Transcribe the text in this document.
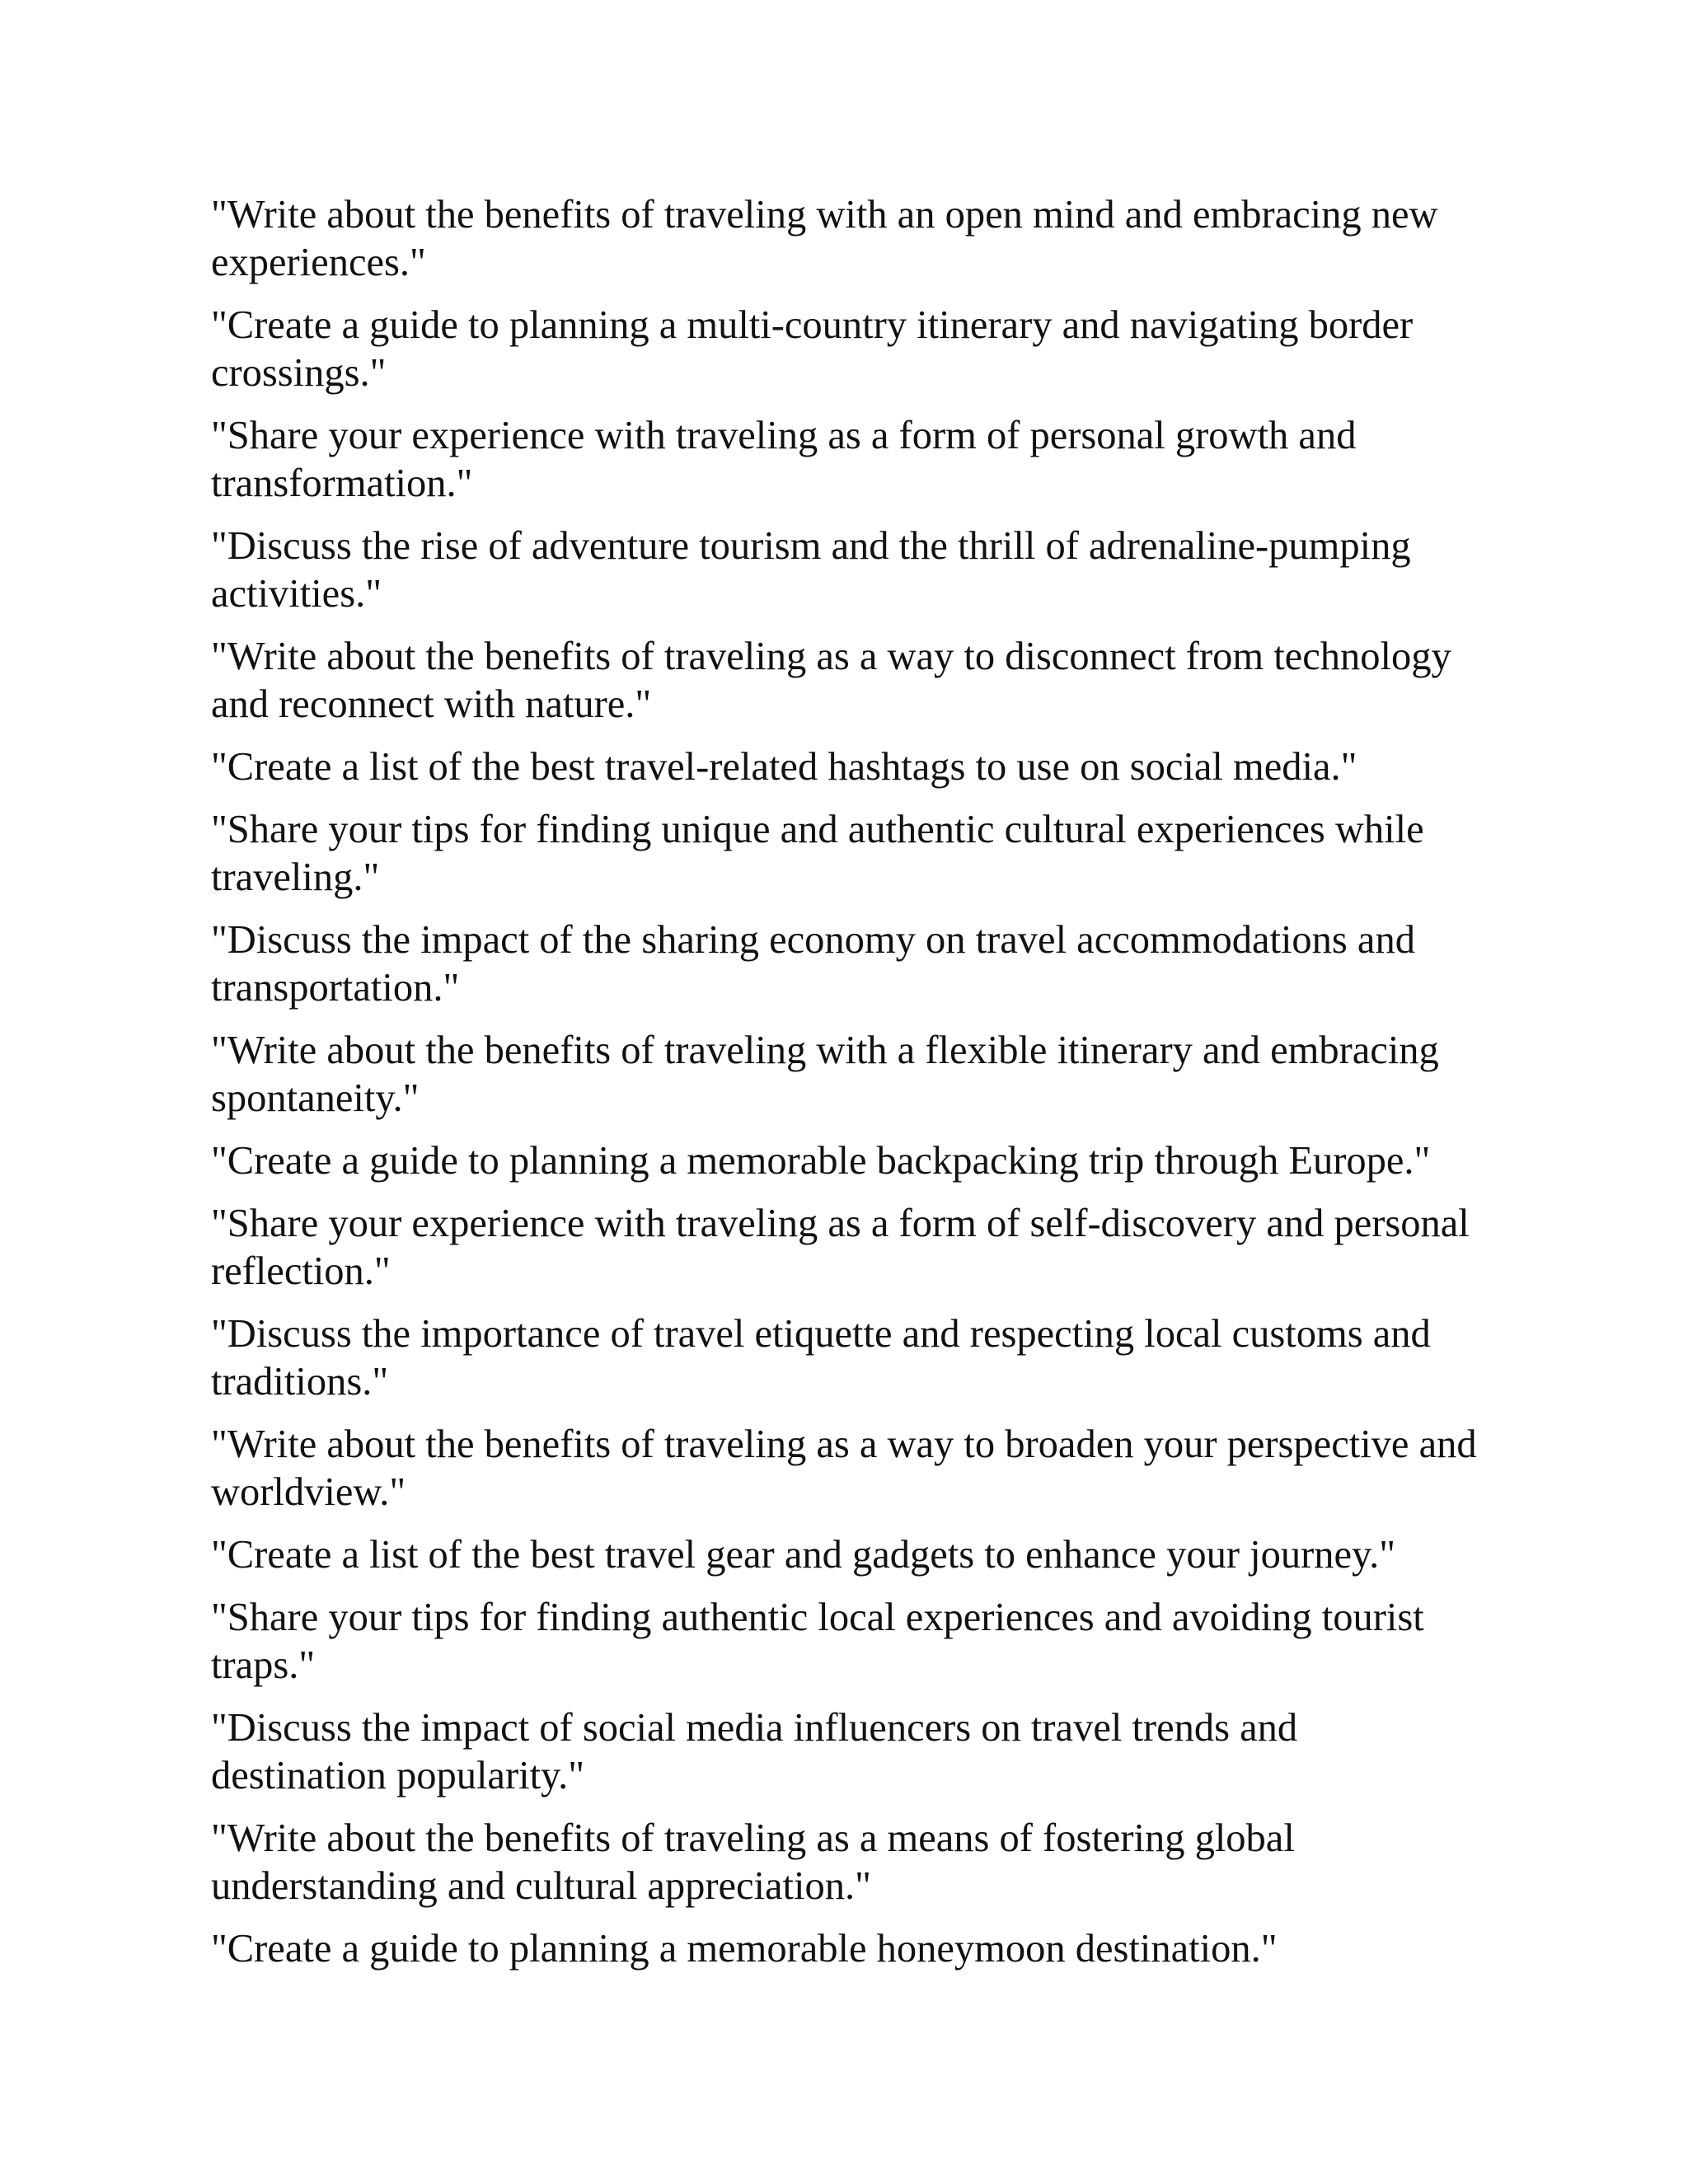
"Write about the benefits of traveling with an open mind and embracing new experiences."
"Create a guide to planning a multi-country itinerary and navigating border crossings."
"Share your experience with traveling as a form of personal growth and transformation."
"Discuss the rise of adventure tourism and the thrill of adrenaline-pumping activities."
"Write about the benefits of traveling as a way to disconnect from technology and reconnect with nature."
"Create a list of the best travel-related hashtags to use on social media."
"Share your tips for finding unique and authentic cultural experiences while traveling."
"Discuss the impact of the sharing economy on travel accommodations and transportation."
"Write about the benefits of traveling with a flexible itinerary and embracing spontaneity."
"Create a guide to planning a memorable backpacking trip through Europe."
"Share your experience with traveling as a form of self-discovery and personal reflection."
"Discuss the importance of travel etiquette and respecting local customs and traditions."
"Write about the benefits of traveling as a way to broaden your perspective and worldview."
"Create a list of the best travel gear and gadgets to enhance your journey."
"Share your tips for finding authentic local experiences and avoiding tourist traps."
"Discuss the impact of social media influencers on travel trends and destination popularity."
"Write about the benefits of traveling as a means of fostering global understanding and cultural appreciation."
"Create a guide to planning a memorable honeymoon destination."
